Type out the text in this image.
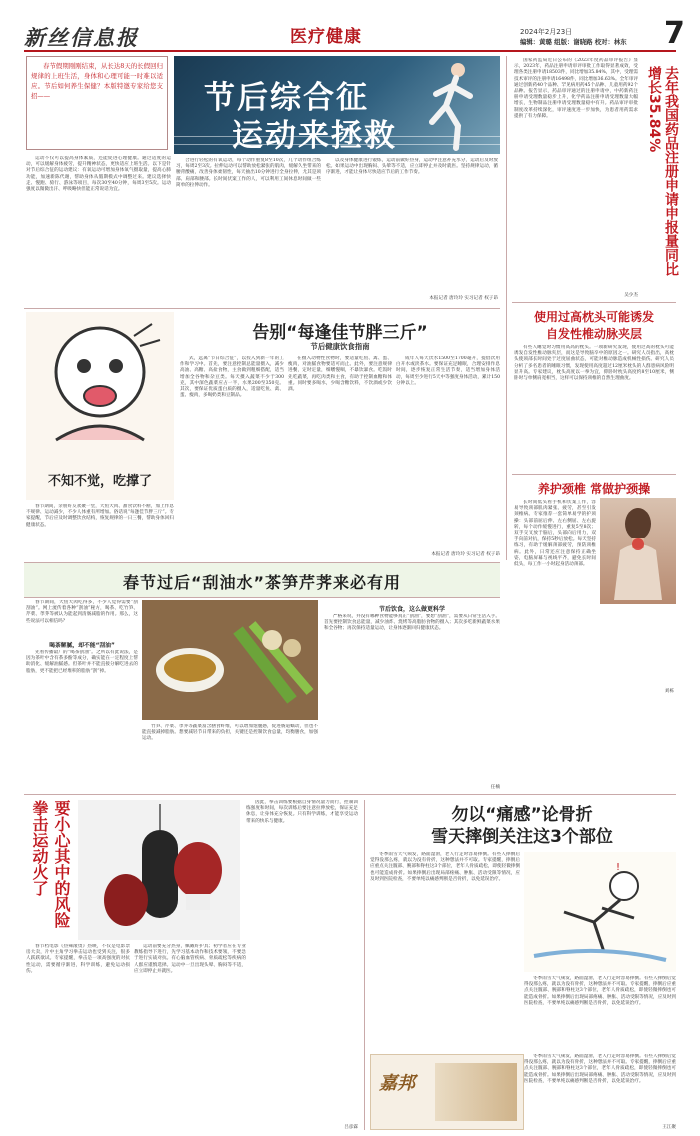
新丝信息报	医疗健康	2024年2月23日
编辑：黄璐 组版：谢晓路 校对：林东 7
春节假期刚刚结束，从长达8天的长假回归规律的上班生活，身体和心理可能一时难以适应。节后如何养生保健？本版特邀专家给您支招——	节后综合征
运动来拯救

运动不仅可以提高身体素质，还能促进心理健康。通过适度的运动，可以缓解身体疲劳，提升精神状态，更快适应上班生活。以下是针对节后综合征的运动建议：有氧运动可增加身体氧气摄取量，提高心肺功能，加速新陈代谢，帮助身体从假期模式中调整过来。建议选择快走、慢跑、骑行、游泳等项目，每次30至40分钟，每周3至5次。运动强度以微微出汗、呼吸略快但能正常说话为宜。

合进行轻松的有氧运动，每个动作重复8至10次，几个动作组合练习，每周2至3次。拉伸运动可以帮助放松紧张的肌肉，缓解久坐带来的腰背酸痛，改善身体柔韧性，每天抽出10分钟进行全身拉伸，尤其是颈部、肩部和腰部。长时间伏案工作的人，可以利用工间休息时间做一些简单的拉伸动作。

以及身体健康进行锻炼，运动前做好热身，运动中注意补充水分，运动后及时放松。如果运动中出现胸闷、头晕等不适，应立即停止并及时就医。坚持规律运动，循序渐进，才能让身体尽快适应节后的工作节奏。

本报记者 唐玲玲 实习记者 权子昂

国家药监局近日公布的《2023年度药品审评报告》显示，2023年，药品注册申请审评审批工作取得显著成效，受理各类注册申请18503件，同比增加35.84%，其中，受理需技术审评的注册申请16498件，同比增加36.63%。全年审评通过创新药40个品种、罕见病用药45个品种、儿童用药92个品种。报告显示，药品审评通过的注册申请中，中药新药注册申请受理数量稳步上升，化学药品注册申请受理数量大幅增长，生物制品注册申请受理数量稳中有升。药品审评审批制度改革持续深化，审评速度进一步加快，为患者用药需求提供了有力保障。	去年我国药品注册申请申报量同比增长35.84%
吴少杰
使用过高枕头可能诱发
自发性椎动脉夹层

有些人睡觉时习惯用高高的枕头。一项新研究发现，使用过高的枕头可能诱发自发性椎动脉夹层，而这是导致脑卒中的原因之一。研究人员指出，高枕头使颈部长时间处于过度屈曲状态，可能对椎动脉造成机械性损伤。研究人员分析了多名患者的睡眠习惯，发现使用高度超过12厘米枕头的人群患病风险明显升高。专家建议，枕头高度以一拳为宜，仰卧时枕头高度约8至10厘米，侧卧时与单侧肩宽相当，这样可以保持颈椎的自然生理曲度。

养护颈椎 常做护颈操

长时间低头看手机和伏案工作，容易导致颈部肌肉紧张、疲劳，甚至引发颈椎病。专家推荐一套简单易学的护颈操：头部前屈后伸、左右侧屈、左右旋转，每个动作缓慢进行，重复5至8次；双手交叉放于脑后，头部向后用力，双手向前对抗，保持5秒后放松。每天坚持练习，有助于缓解颈部疲劳，预防颈椎病。此外，日常还应注意保持正确坐姿，电脑屏幕与视线平齐，避免长时间低头，每工作一小时起身活动颈部。

刘栋
告别“每逢佳节胖三斤”
节后健康饮食指南
不知不觉，吃撑了

春节期间，亲朋好友欢聚一堂，大鱼大肉、甜食饮料不断，加上作息不规律、运动减少，不少人体重有所增加。俗话说“每逢佳节胖三斤”。专家提醒，节后应及时调整饮食结构，恢复规律的一日三餐，帮助身体回归健康状态。

式，远离“节日综合征”，以投入到新一年的工作和学习中。首先，要注意控制总能量摄入，减少高油、高糖、高盐食物，主食做到粗细搭配，适当增加全谷物和杂豆类。每天摄入蔬菜不少于300克，其中深色蔬菜应占一半，水果200至350克。其次，要保证优质蛋白质的摄入，适量吃鱼、禽、蛋、瘦肉，多喝奶类和豆制品。

在摄入动物性食物时，要适量吃鱼、禽、蛋、瘦肉，对油腻食物要适可而止。此外，要注意规律进餐，定时定量，细嚼慢咽，不暴饮暴食。吃饭时先吃蔬菜，再吃肉类和主食，有助于控制血糖和体重。同时要多喝水，少喝含糖饮料，不饮酒或少饮酒。

成年人每天饮水1500至1700毫升，提倡饮用白开水或淡茶水。要保证充足睡眠，合理安排作息时间，逐步恢复正常生活节奏，适当增加身体活动，每周至少进行5天中等强度身体活动，累计150分钟以上。

本报记者 唐玲玲 实习记者 权子昂
春节过后“刮油水”茶笋芹荠来必有用

春节期间，大鱼大肉吃得多，不少人觉得需要“刮刮油”。网上流传着各种“刮油”秘方，喝茶、吃竹笋、芹菜、荸荠等被认为能起到清肠减脂的作用。那么，这些说法可以相信吗？

喝茶解腻，却不能“刮油”

先看传播最广的“喝茶刮油”。之所以有此说法，是因为茶叶中含有茶多酚等成分，确实能在一定程度上帮助消化、缓解油腻感。但茶叶并不能直接分解吃进去的脂肪，更不能把已经堆积的脂肪“刮”掉。

竹笋、芹菜、荸荠等蔬菜富含膳食纤维，可以增加饱腹感，促进肠道蠕动，但也不能直接减掉脂肪。想要减轻节日带来的负担，关键还是控制饮食总量，均衡膳食，加强运动。

节后饮食，这么做更科学

严格来说，并没有哪种食物能够真正“刮油”，要想“刮油”，需要从日常生活入手。首先要控制饮食总能量，减少油炸、烧烤等高脂肪食物的摄入；其次多吃新鲜蔬菜水果和全谷物；再次保持适量运动，让身体逐渐回归健康状态。

任楠
要小心其中的风险 拳击运动火了

春节档电影《热辣滚烫》热映，不仅是电影票房大卖，片中主角学习拳击运动也受到关注，很多人跃跃欲试。专家提醒，拳击是一项高强度的对抗性运动，需要循序渐进，科学训练，避免运动损伤。

运动前要充分热身，佩戴好护具；初学者应在专业教练指导下进行，先学习基本动作和技术要领，不要急于进行实战对抗。有心脑血管疾病、骨质疏松等疾病的人群应谨慎选择。运动中一旦出现头晕、胸闷等不适，应立即停止并就医。

因此，拳击训练要根据自身情况量力而行，控制训练强度和时间，每次训练后要注意拉伸放松，保证充足休息，让身体充分恢复。只有科学训练，才能享受运动带来的快乐与健康。

吕彦霖
勿以“痛感”论骨折
雪天摔倒关注这3个部位

冬季雨雪天气频发，路面湿滑，老人行走时容易摔倒。有些人摔倒后觉得没那么疼，就以为没有骨折，这种想法并不可取。专家提醒，摔倒后应重点关注髋部、腕部和脊柱这3个部位，老年人骨质疏松，即使轻微摔倒也可能造成骨折。如果摔倒后出现局部疼痛、肿胀、活动受限等情况，应及时到医院检查，不要单纯以痛感判断是否骨折，以免延误治疗。

!

冬季雨雪天气频发，路面湿滑，老人行走时容易摔倒。有些人摔倒后觉得没那么疼，就以为没有骨折，这种想法并不可取。专家提醒，摔倒后应重点关注髋部、腕部和脊柱这3个部位，老年人骨质疏松，即使轻微摔倒也可能造成骨折。如果摔倒后出现局部疼痛、肿胀、活动受限等情况，应及时到医院检查，不要单纯以痛感判断是否骨折，以免延误治疗。

嘉邦

冬季雨雪天气频发，路面湿滑，老人行走时容易摔倒。有些人摔倒后觉得没那么疼，就以为没有骨折，这种想法并不可取。专家提醒，摔倒后应重点关注髋部、腕部和脊柱这3个部位，老年人骨质疏松，即使轻微摔倒也可能造成骨折。如果摔倒后出现局部疼痛、肿胀、活动受限等情况，应及时到医院检查，不要单纯以痛感判断是否骨折，以免延误治疗。

王江聚
